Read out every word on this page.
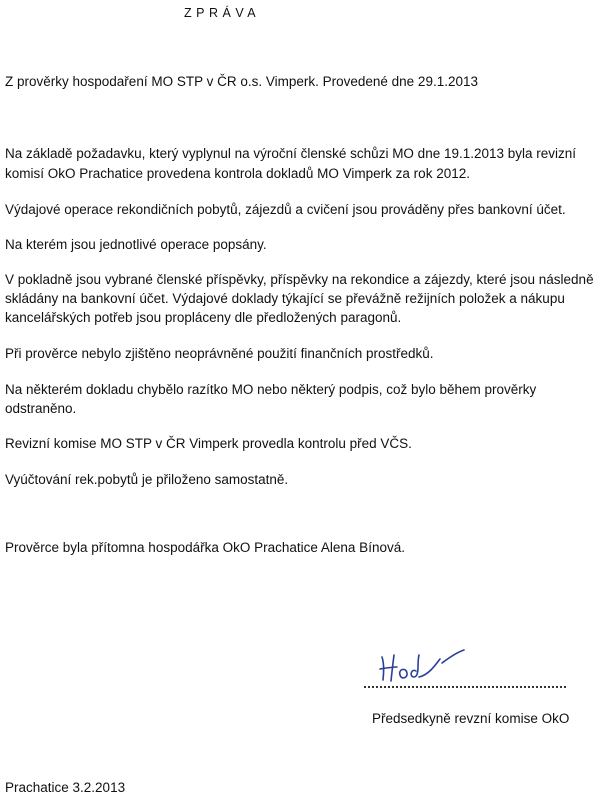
ZPRÁVA
Z prověrky hospodaření MO STP v ČR o.s. Vimperk. Provedené dne 29.1.2013
Na základě požadavku, který vyplynul na výroční členské schůzi MO dne 19.1.2013 byla revizní
komisí OkO Prachatice provedena kontrola dokladů MO Vimperk za rok 2012.
Výdajové operace rekondičních pobytů, zájezdů a cvičení jsou prováděny přes bankovní účet.
Na kterém jsou jednotlivé operace popsány.
V pokladně jsou vybrané členské příspěvky, příspěvky na rekondice a zájezdy, které jsou následně
skládány na bankovní účet. Výdajové doklady týkající se převážně režijních položek a nákupu
kancelářských potřeb jsou propláceny dle předložených paragonů.
Při prověrce nebylo zjištěno neoprávněné použití finančních prostředků.
Na některém dokladu chybělo razítko MO nebo některý podpis, což bylo během prověrky
odstraněno.
Revizní komise MO STP v ČR Vimperk provedla kontrolu před VČS.
Vyúčtování rek.pobytů je přiloženo samostatně.
Prověrce byla přítomna hospodářka OkO Prachatice Alena Bínová.
Předsedkyně revzní komise OkO
Prachatice 3.2.2013
